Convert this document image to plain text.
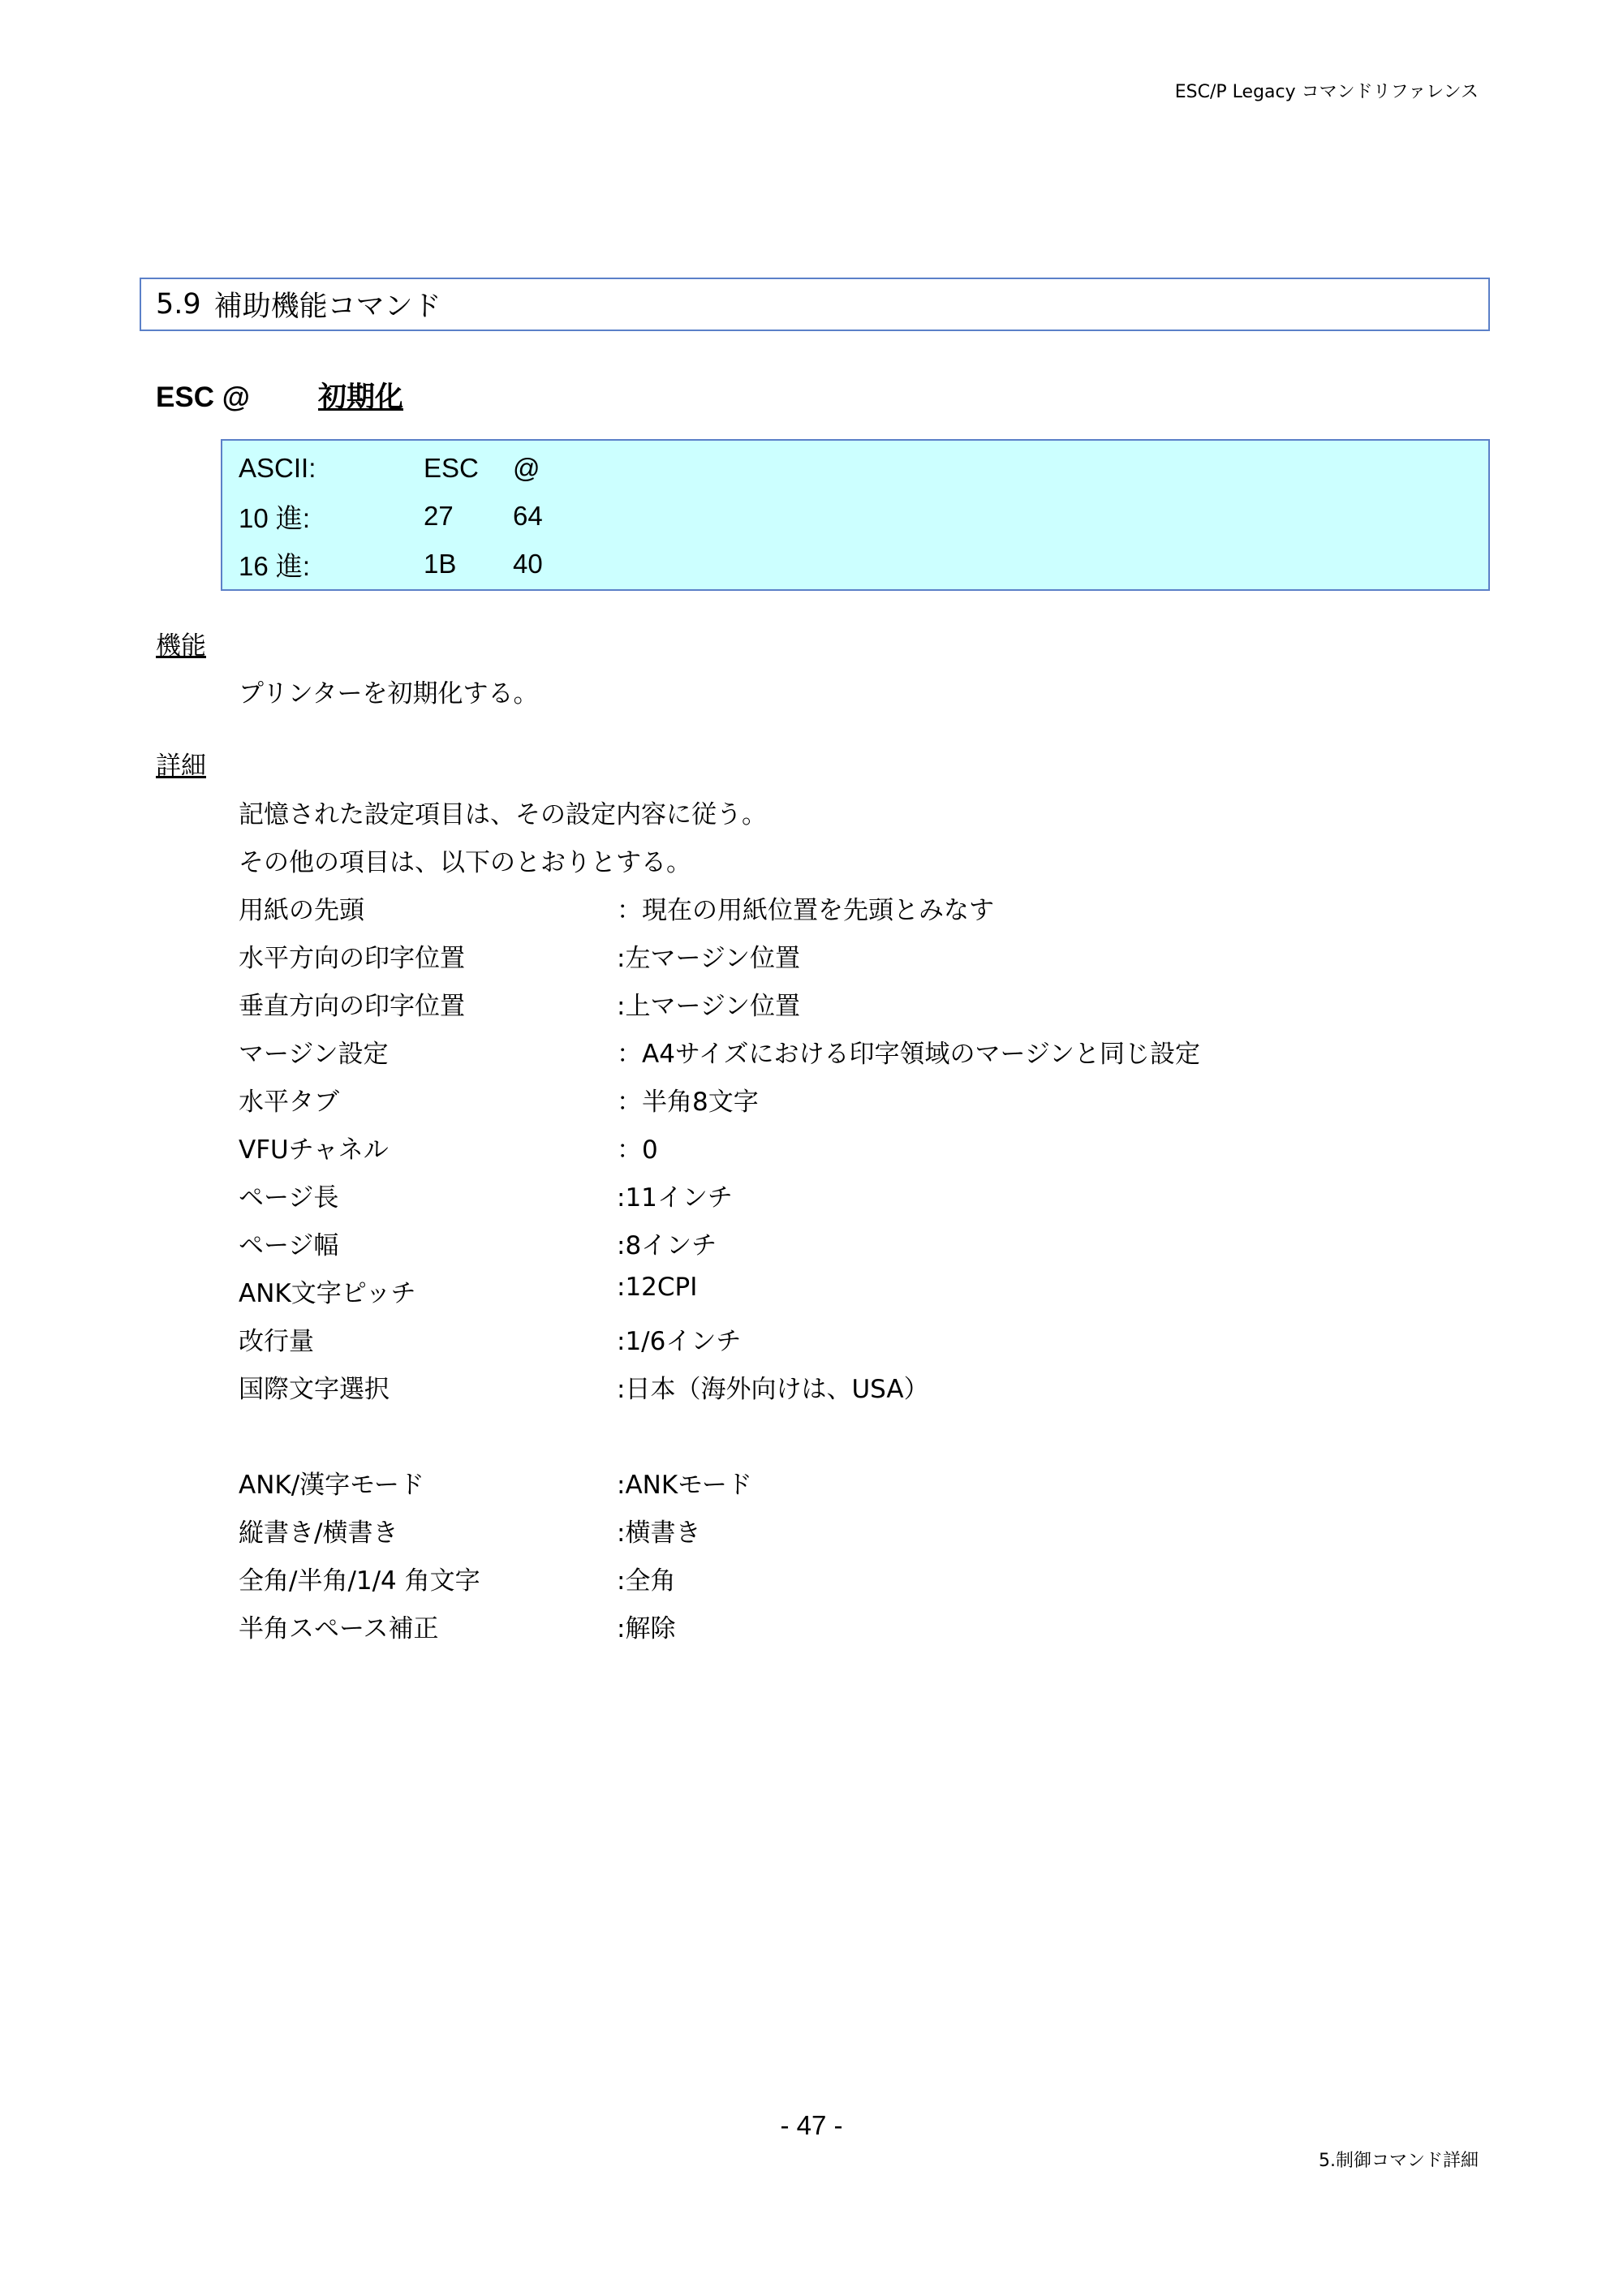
ESC/P Legacy コマンドリファレンス
5.9 補助機能コマンド
ESC @ 初期化
ASCII:	ESC	@
10 進:	27	64
16 進:	1B	40
機能
プリンターを初期化する。
詳細
記憶された設定項目は、その設定内容に従う。
その他の項目は、以下のとおりとする。
用紙の先頭	：現在の用紙位置を先頭とみなす
水平方向の印字位置	:左マージン位置
垂直方向の印字位置	:上マージン位置
マージン設定	：A4サイズにおける印字領域のマージンと同じ設定
水平タブ	：半角8文字
VFUチャネル	：0
ページ長	:11インチ
ページ幅	:8インチ
ANK文字ピッチ	:12CPI
改行量	:1/6インチ
国際文字選択	:日本（海外向けは、USA）
ANK/漢字モード	:ANKモード
縦書き/横書き	:横書き
全角/半角/1/4 角文字	:全角
半角スペース補正	:解除
- 47 -
5.制御コマンド詳細
